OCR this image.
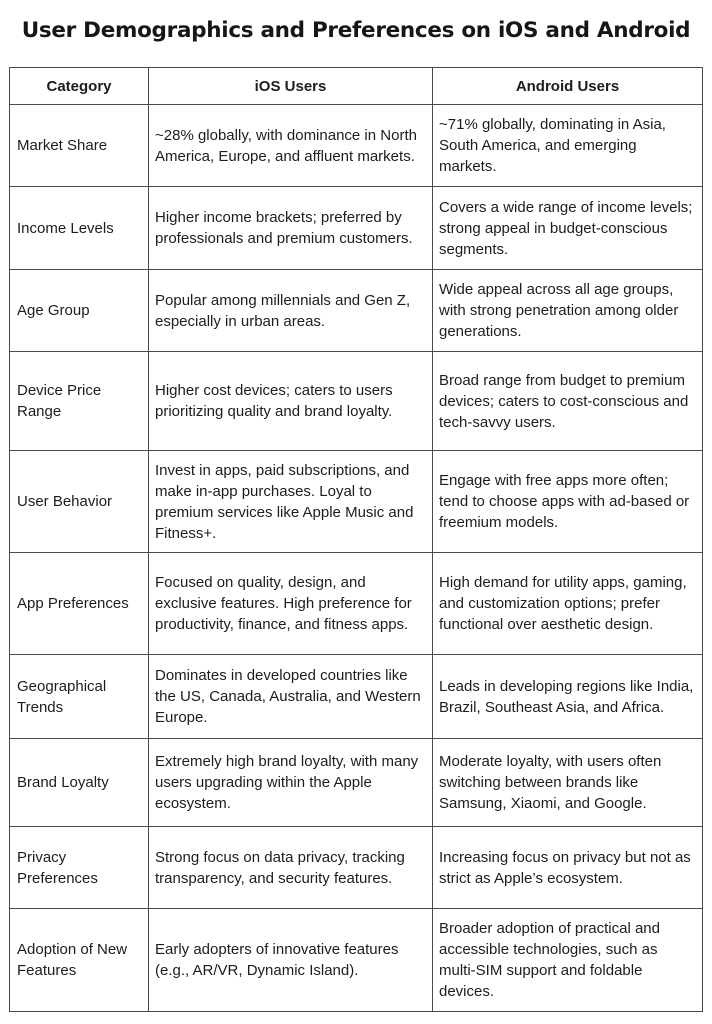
User Demographics and Preferences on iOS and Android
Category	iOS Users	Android Users
Market Share	~28% globally, with dominance in North America, Europe, and affluent markets.	~71% globally, dominating in Asia, South America, and emerging markets.
Income Levels	Higher income brackets; preferred by professionals and premium customers.	Covers a wide range of income levels; strong appeal in budget-conscious segments.
Age Group	Popular among millennials and Gen Z, especially in urban areas.	Wide appeal across all age groups, with strong penetration among older generations.
Device Price Range	Higher cost devices; caters to users prioritizing quality and brand loyalty.	Broad range from budget to premium devices; caters to cost-conscious and tech-savvy users.
User Behavior	Invest in apps, paid subscriptions, and make in-app purchases. Loyal to premium services like Apple Music and Fitness+.	Engage with free apps more often; tend to choose apps with ad-based or freemium models.
App Preferences	Focused on quality, design, and exclusive features. High preference for productivity, finance, and fitness apps.	High demand for utility apps, gaming, and customization options; prefer functional over aesthetic design.
Geographical Trends	Dominates in developed countries like the US, Canada, Australia, and Western Europe.	Leads in developing regions like India, Brazil, Southeast Asia, and Africa.
Brand Loyalty	Extremely high brand loyalty, with many users upgrading within the Apple ecosystem.	Moderate loyalty, with users often switching between brands like Samsung, Xiaomi, and Google.
Privacy Preferences	Strong focus on data privacy, tracking transparency, and security features.	Increasing focus on privacy but not as strict as Apple’s ecosystem.
Adoption of New Features	Early adopters of innovative features (e.g., AR/VR, Dynamic Island).	Broader adoption of practical and accessible technologies, such as multi-SIM support and foldable devices.
